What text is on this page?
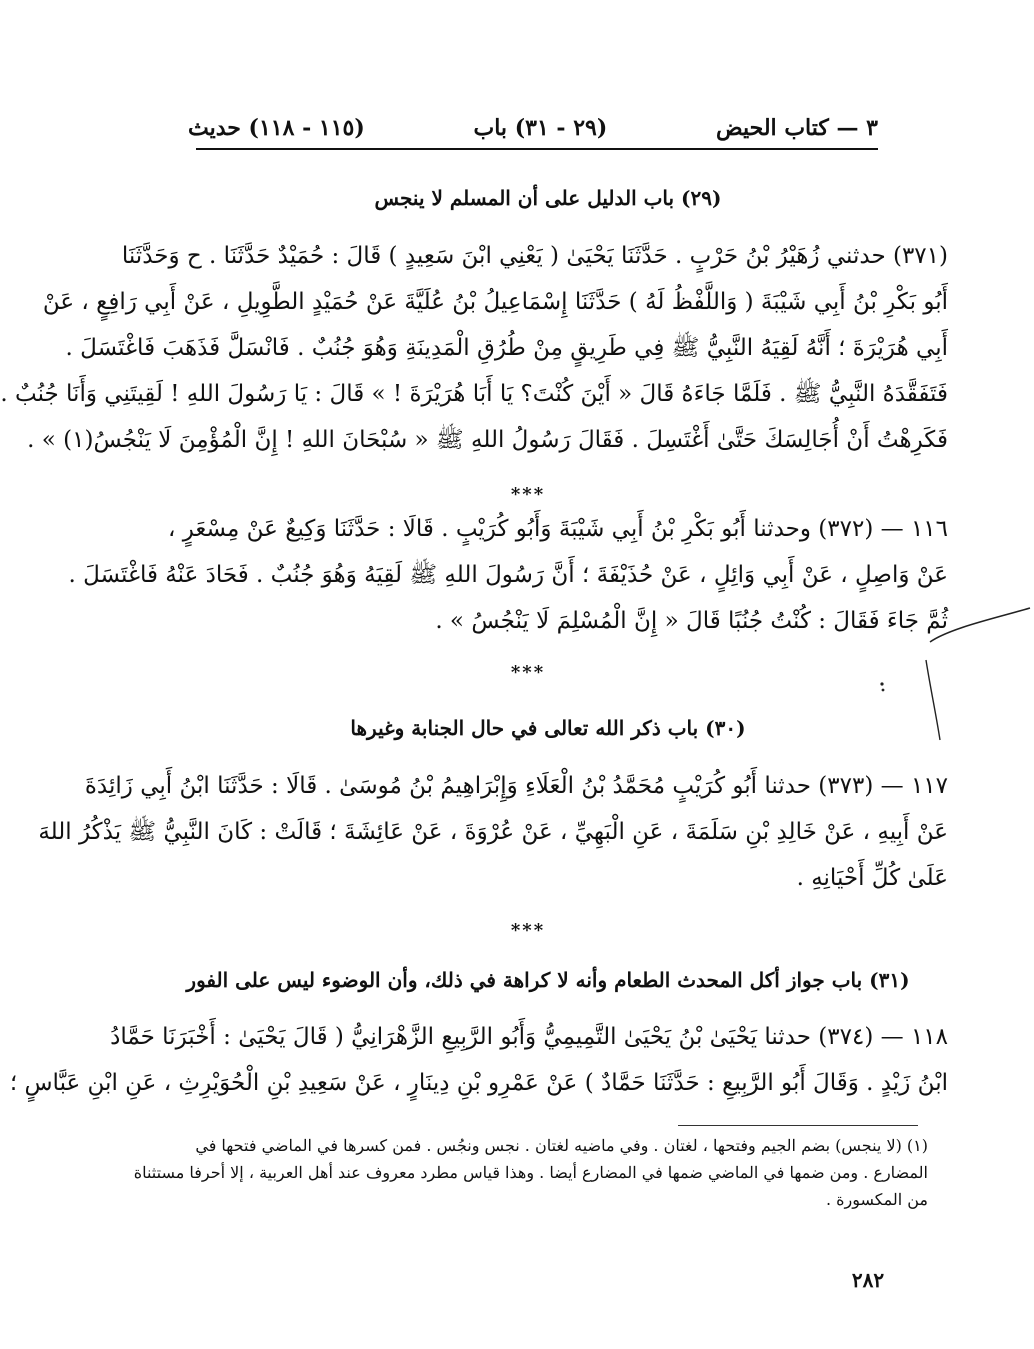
٣ — كتاب الحيض
(٢٩ - ٣١) باب
(١١٥ - ١١٨) حديث
(٢٩) باب الدليل على أن المسلم لا ينجس
(٣٧١) حدثني زُهَيْرُ بْنُ حَرْبٍ . حَدَّثَنَا يَحْيَىٰ ( يَعْنِي ابْنَ سَعِيدٍ ) قَالَ : حُمَيْدٌ حَدَّثَنَا . ح وَحَدَّثَنَا
أَبُو بَكْرِ بْنُ أَبِي شَيْبَةَ ( وَاللَّفْظُ لَهُ ) حَدَّثَنَا إِسْمَاعِيلُ بْنُ عُلَيَّةَ عَنْ حُمَيْدٍ الطَّوِيلِ ، عَنْ أَبِي رَافِعٍ ، عَنْ
أَبِي هُرَيْرَةَ ؛ أَنَّهُ لَقِيَهُ النَّبِيُّ ﷺ فِي طَرِيقٍ مِنْ طُرُقِ الْمَدِينَةِ وَهُوَ جُنُبٌ . فَانْسَلَّ فَذَهَبَ فَاغْتَسَلَ .
فَتَفَقَّدَهُ النَّبِيُّ ﷺ . فَلَمَّا جَاءَهُ قَالَ « أَيْنَ كُنْتَ؟ يَا أَبَا هُرَيْرَةَ ! » قَالَ : يَا رَسُولَ اللهِ ! لَقِيتَنِي وَأَنَا جُنُبٌ .
فَكَرِهْتُ أَنْ أُجَالِسَكَ حَتَّىٰ أَغْتَسِلَ . فَقَالَ رَسُولُ اللهِ ﷺ « سُبْحَانَ اللهِ ! إِنَّ الْمُؤْمِنَ لَا يَنْجُسُ(١) » .
***
١١٦ — (٣٧٢) وحدثنا أَبُو بَكْرِ بْنُ أَبِي شَيْبَةَ وَأَبُو كُرَيْبٍ . قَالَا : حَدَّثَنَا وَكِيعٌ عَنْ مِسْعَرٍ ،
عَنْ وَاصِلٍ ، عَنْ أَبِي وَائِلٍ ، عَنْ حُذَيْفَةَ ؛ أَنَّ رَسُولَ اللهِ ﷺ لَقِيَهُ وَهُوَ جُنُبٌ . فَحَادَ عَنْهُ فَاغْتَسَلَ .
ثُمَّ جَاءَ فَقَالَ : كُنْتُ جُنُبًا قَالَ « إِنَّ الْمُسْلِمَ لَا يَنْجُسُ » .
***
(٣٠) باب ذكر الله تعالى في حال الجنابة وغيرها
١١٧ — (٣٧٣) حدثنا أَبُو كُرَيْبٍ مُحَمَّدُ بْنُ الْعَلَاءِ وَإِبْرَاهِيمُ بْنُ مُوسَىٰ . قَالَا : حَدَّثَنَا ابْنُ أَبِي زَائِدَةَ
عَنْ أَبِيهِ ، عَنْ خَالِدِ بْنِ سَلَمَةَ ، عَنِ الْبَهِيِّ ، عَنْ عُرْوَةَ ، عَنْ عَائِشَةَ ؛ قَالَتْ : كَانَ النَّبِيُّ ﷺ يَذْكُرُ اللهَ
عَلَىٰ كُلِّ أَحْيَانِهِ .
***
(٣١) باب جواز أكل المحدث الطعام وأنه لا كراهة في ذلك، وأن الوضوء ليس على الفور
١١٨ — (٣٧٤) حدثنا يَحْيَىٰ بْنُ يَحْيَىٰ التَّمِيمِيُّ وَأَبُو الرَّبِيعِ الزَّهْرَانِيُّ ( قَالَ يَحْيَىٰ : أَخْبَرَنَا حَمَّادُ
ابْنُ زَيْدٍ . وَقَالَ أَبُو الرَّبِيعِ : حَدَّثَنَا حَمَّادٌ ) عَنْ عَمْرِو بْنِ دِينَارٍ ، عَنْ سَعِيدِ بْنِ الْحُوَيْرِثِ ، عَنِ ابْنِ عَبَّاسٍ ؛
(١) (لا ينجس) بضم الجيم وفتحها ، لغتان . وفي ماضيه لغتان . نجس ونجُس . فمن كسرها في الماضي فتحها في
المضارع . ومن ضمها في الماضي ضمها في المضارع أيضا . وهذا قياس مطرد معروف عند أهل العربية ، إلا أحرفا مستثناة
من المكسورة .
٢٨٢
